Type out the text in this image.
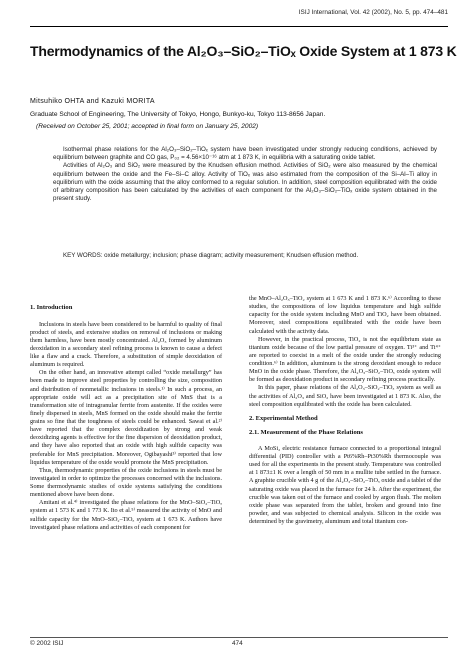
ISIJ International, Vol. 42 (2002), No. 5, pp. 474–481
Thermodynamics of the Al₂O₃–SiO₂–TiOₓ Oxide System at 1 873 K
Mitsuhiko OHTA and Kazuki MORITA
Graduate School of Engineering, The University of Tokyo, Hongo, Bunkyo-ku, Tokyo 113-8656 Japan.
(Received on October 25, 2001; accepted in final form on January 25, 2002)

Isothermal phase relations for the Al₂O₃–SiO₂–TiOₓ system have been investigated under strongly reducing conditions, achieved by equilibrium between graphite and CO gas, P₀₂ = 4.56×10⁻¹⁶ atm at 1 873 K, in equilibria with a saturating oxide tablet.

Activities of Al₂O₃ and SiO₂ were measured by the Knudsen effusion method. Activities of SiO₂ were also measured by the chemical equilibrium between the oxide and the Fe–Si–C alloy. Activity of TiOₓ was also estimated from the composition of the Si–Al–Ti alloy in equilibrium with the oxide assuming that the alloy conformed to a regular solution. In addition, steel composition equilibrated with the oxide of arbitrary composition has been calculated by the activities of each component for the Al₂O₃–SiO₂–TiOₓ oxide system obtained in the present study.

KEY WORDS: oxide metallurgy; inclusion; phase diagram; activity measurement; Knudsen effusion method.
1. Introduction

Inclusions in steels have been considered to be harmful to quality of final product of steels, and extensive studies on removal of inclusions or making them harmless, have been mostly concentrated. Al₂O₃ formed by aluminum deoxidation in a secondary steel refining process is known to cause a defect like a flaw and a crack. Therefore, a substitution of simple deoxidation of aluminum is required.

On the other hand, an innovative attempt called “oxide metallurgy” has been made to improve steel properties by controlling the size, composition and distribution of nonmetallic inclusions in steels.¹⁾ In such a process, an appropriate oxide will act as a precipitation site of MnS that is a transformation site of intragranular ferrite from austenite. If the oxides were finely dispersed in steels, MnS formed on the oxide should make the ferrite grains so fine that the toughness of steels could be enhanced. Sawai et al.²⁾ have reported that the complex deoxidization by strong and weak deoxidizing agents is effective for the fine dispersion of deoxidation product, and they have also reported that an oxide with high sulfide capacity was preferable for MnS precipitation. Moreover, Ogibayashi³⁾ reported that low liquidus temperature of the oxide would promote the MnS precipitation.

Thus, thermodynamic properties of the oxide inclusions in steels must be investigated in order to optimize the processes concerned with the inclusions. Some thermodynamic studies of oxide systems satisfying the conditions mentioned above have been done.

Amitani et al.⁴⁾ investigated the phase relations for the MnO–SiO₂–TiOₓ system at 1 573 K and 1 773 K. Ito et al.⁵⁾ measured the activity of MnO and sulfide capacity for the MnO–SiO₂–TiOₓ system at 1 673 K. Authors have investigated phase relations and activities of each component for

the MnO–Al₂O₃–TiO₂ system at 1 673 K and 1 873 K.⁶⁾ According to these studies, the compositions of low liquidus temperature and high sulfide capacity for the oxide system including MnO and TiO₂ have been obtained. Moreover, steel compositions equilibrated with the oxide have been calculated with the activity data.

However, in the practical process, TiO₂ is not the equilibrium state as titanium oxide because of the low partial pressure of oxygen. Ti³⁺ and Ti⁴⁺ are reported to coexist in a melt of the oxide under the strongly reducing condition.⁶⁾ In addition, aluminum is the strong deoxidant enough to reduce MnO in the oxide phase. Therefore, the Al₂O₃–SiO₂–TiOₓ oxide system will be formed as deoxidation product in secondary refining process practically.

In this paper, phase relations of the Al₂O₃–SiO₂–TiOₓ system as well as the activities of Al₂O₃ and SiO₂ have been investigated at 1 873 K. Also, the steel composition equilibrated with the oxide has been calculated.

2. Experimental Method
2.1. Measurement of the Phase Relations

A MoSi₂ electric resistance furnace connected to a proportional integral differential (PID) controller with a Pt6%Rh–Pt30%Rh thermocouple was used for all the experiments in the present study. Temperature was controlled at 1 873±1 K over a length of 50 mm in a mullite tube settled in the furnace. A graphite crucible with 4 g of the Al₂O₃–SiO₂–TiOₓ oxide and a tablet of the saturating oxide was placed in the furnace for 24 h. After the experiment, the crucible was taken out of the furnace and cooled by argon flush. The molten oxide phase was separated from the tablet, broken and ground into fine powder, and was subjected to chemical analysis. Silicon in the oxide was determined by the gravimetry, aluminum and total titanium con-

© 2002 ISIJ	474
